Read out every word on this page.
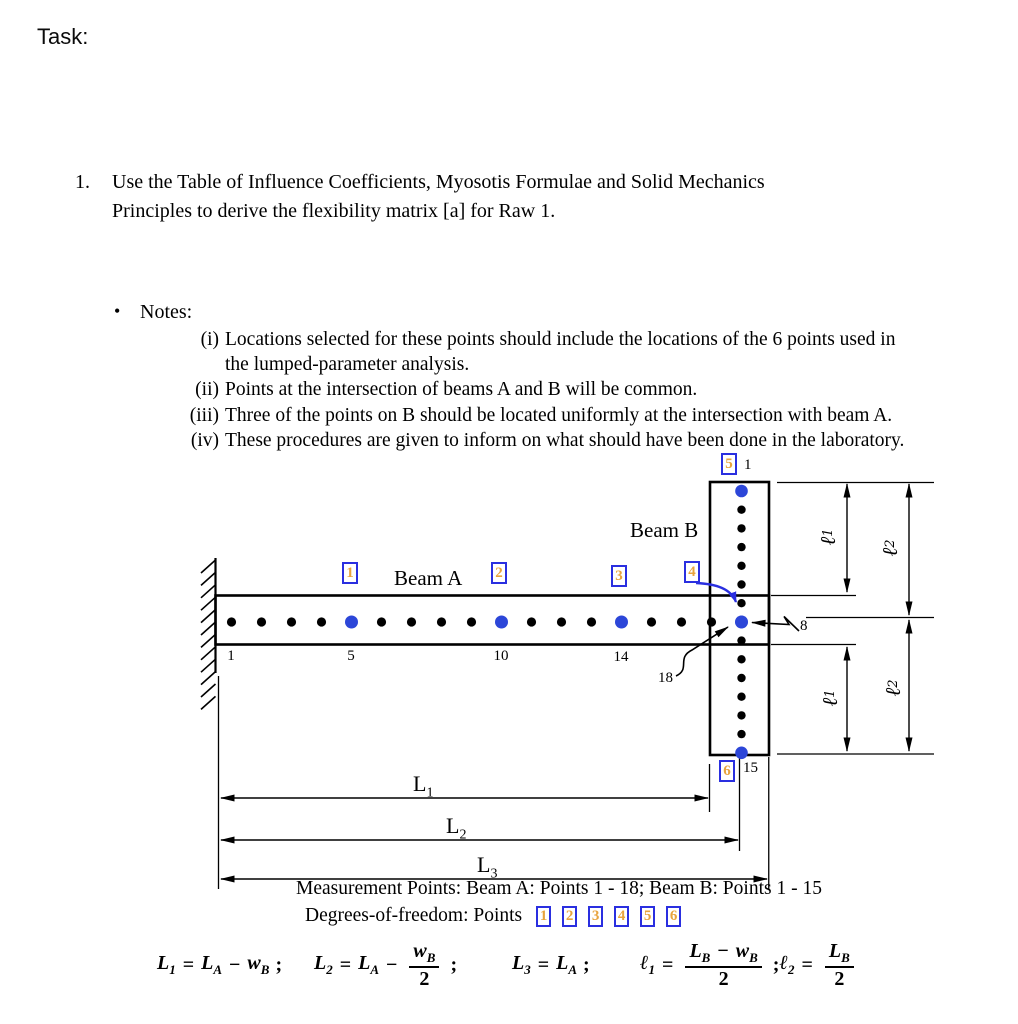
Task:
1.	Use the Table of Influence Coefficients, Myosotis Formulae and Solid Mechanics
Principles to derive the flexibility matrix [a] for Raw 1.
• Notes:
(i) Locations selected for these points should include the locations of the 6 points used in
the lumped-parameter analysis.
(ii) Points at the intersection of beams A and B will be common.
(iii) Three of the points on B should be located uniformly at the intersection with beam A.
(iv) These procedures are given to inform on what should have been done in the laboratory.
Beam A
Beam B
1	5	10	14
18
8
1
15
$L_1$
$L_2$
$L_3$
ℓ
1
ℓ
2
ℓ
1	ℓ
2
1	2	3	4
5
6
Measurement Points: Beam A: Points 1 - 18; Beam B: Points 1 - 15
Degrees-of-freedom: Points 1 2 3 4 5 6
$L_1 = L_A - w_B$ ; $L_2 = L_A - \frac{w_B}{2}$ ;	$L_3 = L_A$ ;	ℓ$_1$ = $\frac{L_B - w_B}{2}$ ; ℓ$_2$ = $\frac{L_B}{2}$
